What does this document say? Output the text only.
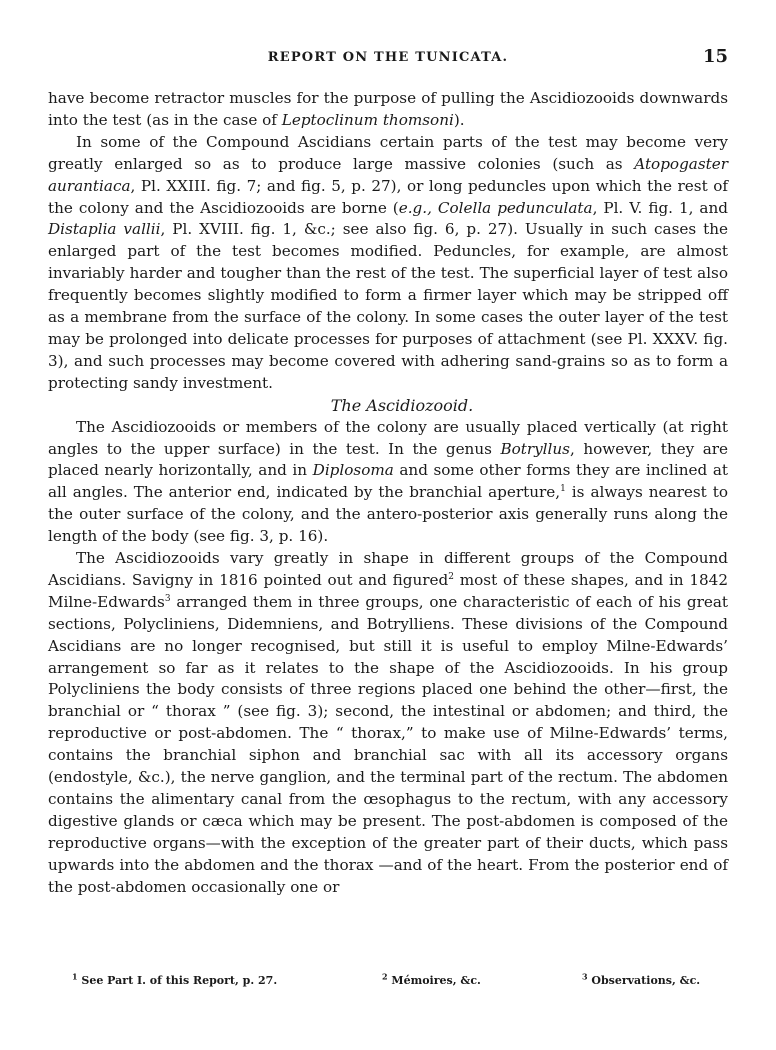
REPORT ON THE TUNICATA.	15

have become retractor muscles for the purpose of pulling the Ascidiozooids downwards into the test (as in the case of Leptoclinum thomsoni).

In some of the Compound Ascidians certain parts of the test may become very greatly enlarged so as to produce large massive colonies (such as Atopogaster aurantiaca, Pl. XXIII. fig. 7; and fig. 5, p. 27), or long peduncles upon which the rest of the colony and the Ascidiozooids are borne (e.g., Colella pedunculata, Pl. V. fig. 1, and Distaplia vallii, Pl. XVIII. fig. 1, &c.; see also fig. 6, p. 27). Usually in such cases the enlarged part of the test becomes modified. Peduncles, for example, are almost invariably harder and tougher than the rest of the test. The superficial layer of test also frequently becomes slightly modified to form a firmer layer which may be stripped off as a membrane from the surface of the colony. In some cases the outer layer of the test may be prolonged into delicate processes for purposes of attachment (see Pl. XXXV. fig. 3), and such processes may become covered with adhering sand-grains so as to form a protecting sandy investment.

The Ascidiozooid.

The Ascidiozooids or members of the colony are usually placed vertically (at right angles to the upper surface) in the test. In the genus Botryllus, however, they are placed nearly horizontally, and in Diplosoma and some other forms they are inclined at all angles. The anterior end, indicated by the branchial aperture,$^1$ is always nearest to the outer surface of the colony, and the antero-posterior axis generally runs along the length of the body (see fig. 3, p. 16).

The Ascidiozooids vary greatly in shape in different groups of the Compound Ascidians. Savigny in 1816 pointed out and figured$^2$ most of these shapes, and in 1842 Milne-Edwards$^3$ arranged them in three groups, one characteristic of each of his great sections, Polycliniens, Didemniens, and Botrylliens. These divisions of the Compound Ascidians are no longer recognised, but still it is useful to employ Milne-Edwards’ arrangement so far as it relates to the shape of the Ascidiozooids. In his group Polycliniens the body consists of three regions placed one behind the other—first, the branchial or “ thorax ” (see fig. 3); second, the intestinal or abdomen; and third, the reproductive or post-abdomen. The “ thorax,” to make use of Milne-Edwards’ terms, contains the branchial siphon and branchial sac with all its accessory organs (endostyle, &c.), the nerve ganglion, and the terminal part of the rectum. The abdomen contains the alimentary canal from the œsophagus to the rectum, with any accessory digestive glands or cæca which may be present. The post-abdomen is composed of the reproductive organs—with the exception of the greater part of their ducts, which pass upwards into the abdomen and the thorax —and of the heart. From the posterior end of the post-abdomen occasionally one or

$^1$ See Part I. of this Report, p. 27.	$^2$ Mémoires, &c.	$^3$ Observations, &c.
